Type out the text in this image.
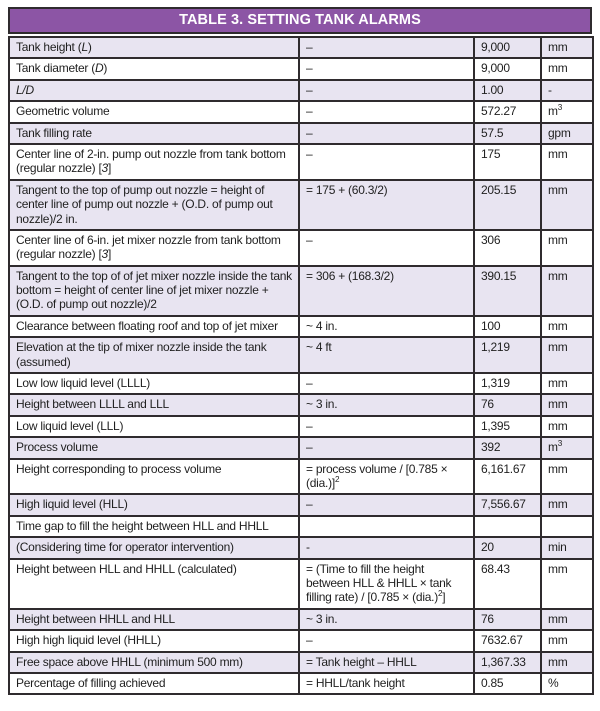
TABLE 3. SETTING TANK ALARMS
Tank height (L)	–	9,000	mm
Tank diameter (D)	–	9,000	mm
L/D	–	1.00	-
Geometric volume	–	572.27	$m^3$
Tank filling rate	–	57.5	gpm
Center line of 2-in. pump out nozzle from tank bottom (regular nozzle) [3]	–	175	mm
Tangent to the top of pump out nozzle = height of center line of pump out nozzle + (O.D. of pump out nozzle)/2 in.	= 175 + (60.3/2)	205.15	mm
Center line of 6-in. jet mixer nozzle from tank bottom (regular nozzle) [3]	–	306	mm
Tangent to the top of of jet mixer nozzle inside the tank bottom = height of center line of jet mixer nozzle + (O.D. of pump out nozzle)/2	= 306 + (168.3/2)	390.15	mm
Clearance between floating roof and top of jet mixer	~ 4 in.	100	mm
Elevation at the tip of mixer nozzle inside the tank (assumed)	~ 4 ft	1,219	mm
Low low liquid level (LLLL)	–	1,319	mm
Height between LLLL and LLL	~ 3 in.	76	mm
Low liquid level (LLL)	–	1,395	mm
Process volume	–	392	$m^3$
Height corresponding to process volume	= process volume / $[0.785 \times (dia.)]^2$	6,161.67	mm
High liquid level (HLL)	–	7,556.67	mm
Time gap to fill the height between HLL and HHLL			
(Considering time for operator intervention)	-	20	min
Height between HLL and HHLL (calculated)	= (Time to fill the height between HLL & HHLL × tank filling rate) / $[0.785 \times (dia.)^2]$	68.43	mm
Height between HHLL and HLL	~ 3 in.	76	mm
High high liquid level (HHLL)	–	7632.67	mm
Free space above HHLL (minimum 500 mm)	= Tank height – HHLL	1,367.33	mm
Percentage of filling achieved	= HHLL/tank height	0.85	%
